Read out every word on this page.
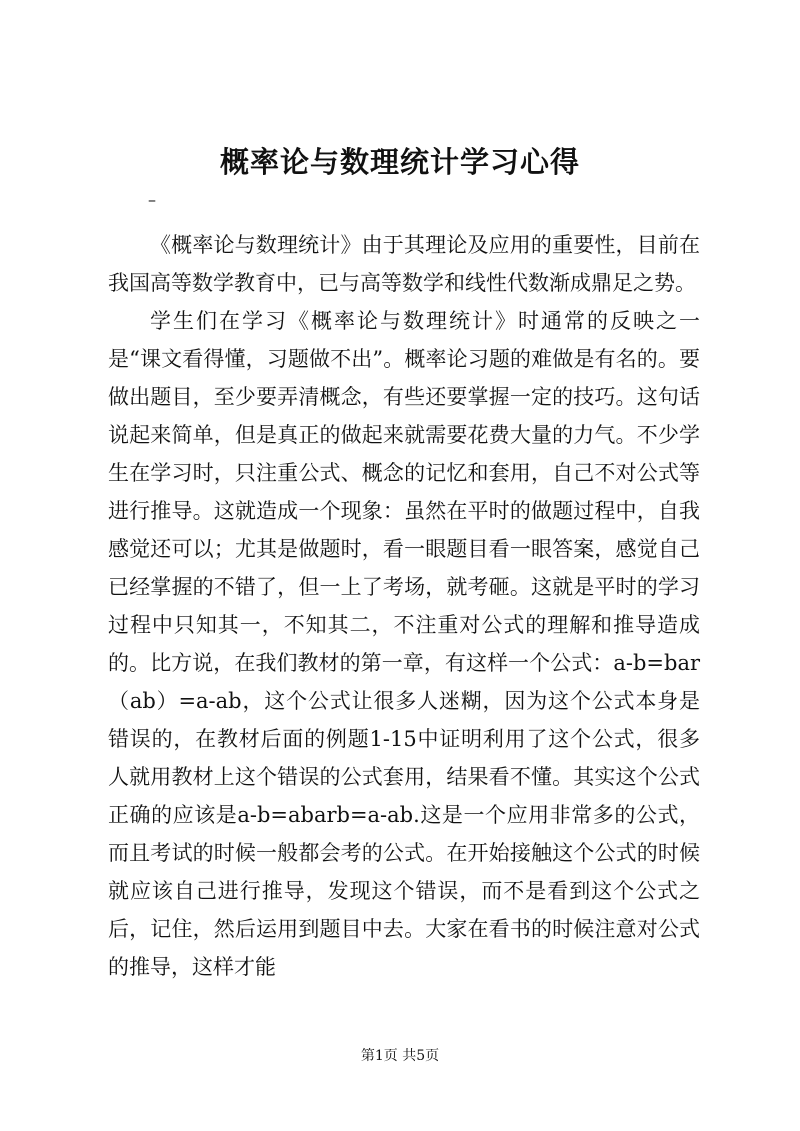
概率论与数理统计学习心得
–

《概率论与数理统计》由于其理论及应用的重要性，目前在我国高等数学教育中，已与高等数学和线性代数渐成鼎足之势。

学生们在学习《概率论与数理统计》时通常的反映之一是“课文看得懂，习题做不出”。概率论习题的难做是有名的。要做出题目，至少要弄清概念，有些还要掌握一定的技巧。这句话说起来简单，但是真正的做起来就需要花费大量的力气。不少学生在学习时，只注重公式、概念的记忆和套用，自己不对公式等进行推导。这就造成一个现象：虽然在平时的做题过程中，自我感觉还可以；尤其是做题时，看一眼题目看一眼答案，感觉自己已经掌握的不错了，但一上了考场，就考砸。这就是平时的学习过程中只知其一，不知其二，不注重对公式的理解和推导造成的。比方说，在我们教材的第一章，有这样一个公式：a-b=bar（ab）=a-ab，这个公式让很多人迷糊，因为这个公式本身是错误的，在教材后面的例题1-15中证明利用了这个公式，很多人就用教材上这个错误的公式套用，结果看不懂。其实这个公式正确的应该是a-b=abarb=a-ab.这是一个应用非常多的公式，而且考试的时候一般都会考的公式。在开始接触这个公式的时候就应该自己进行推导，发现这个错误，而不是看到这个公式之后，记住，然后运用到题目中去。大家在看书的时候注意对公式的推导，这样才能

第1页 共5页
